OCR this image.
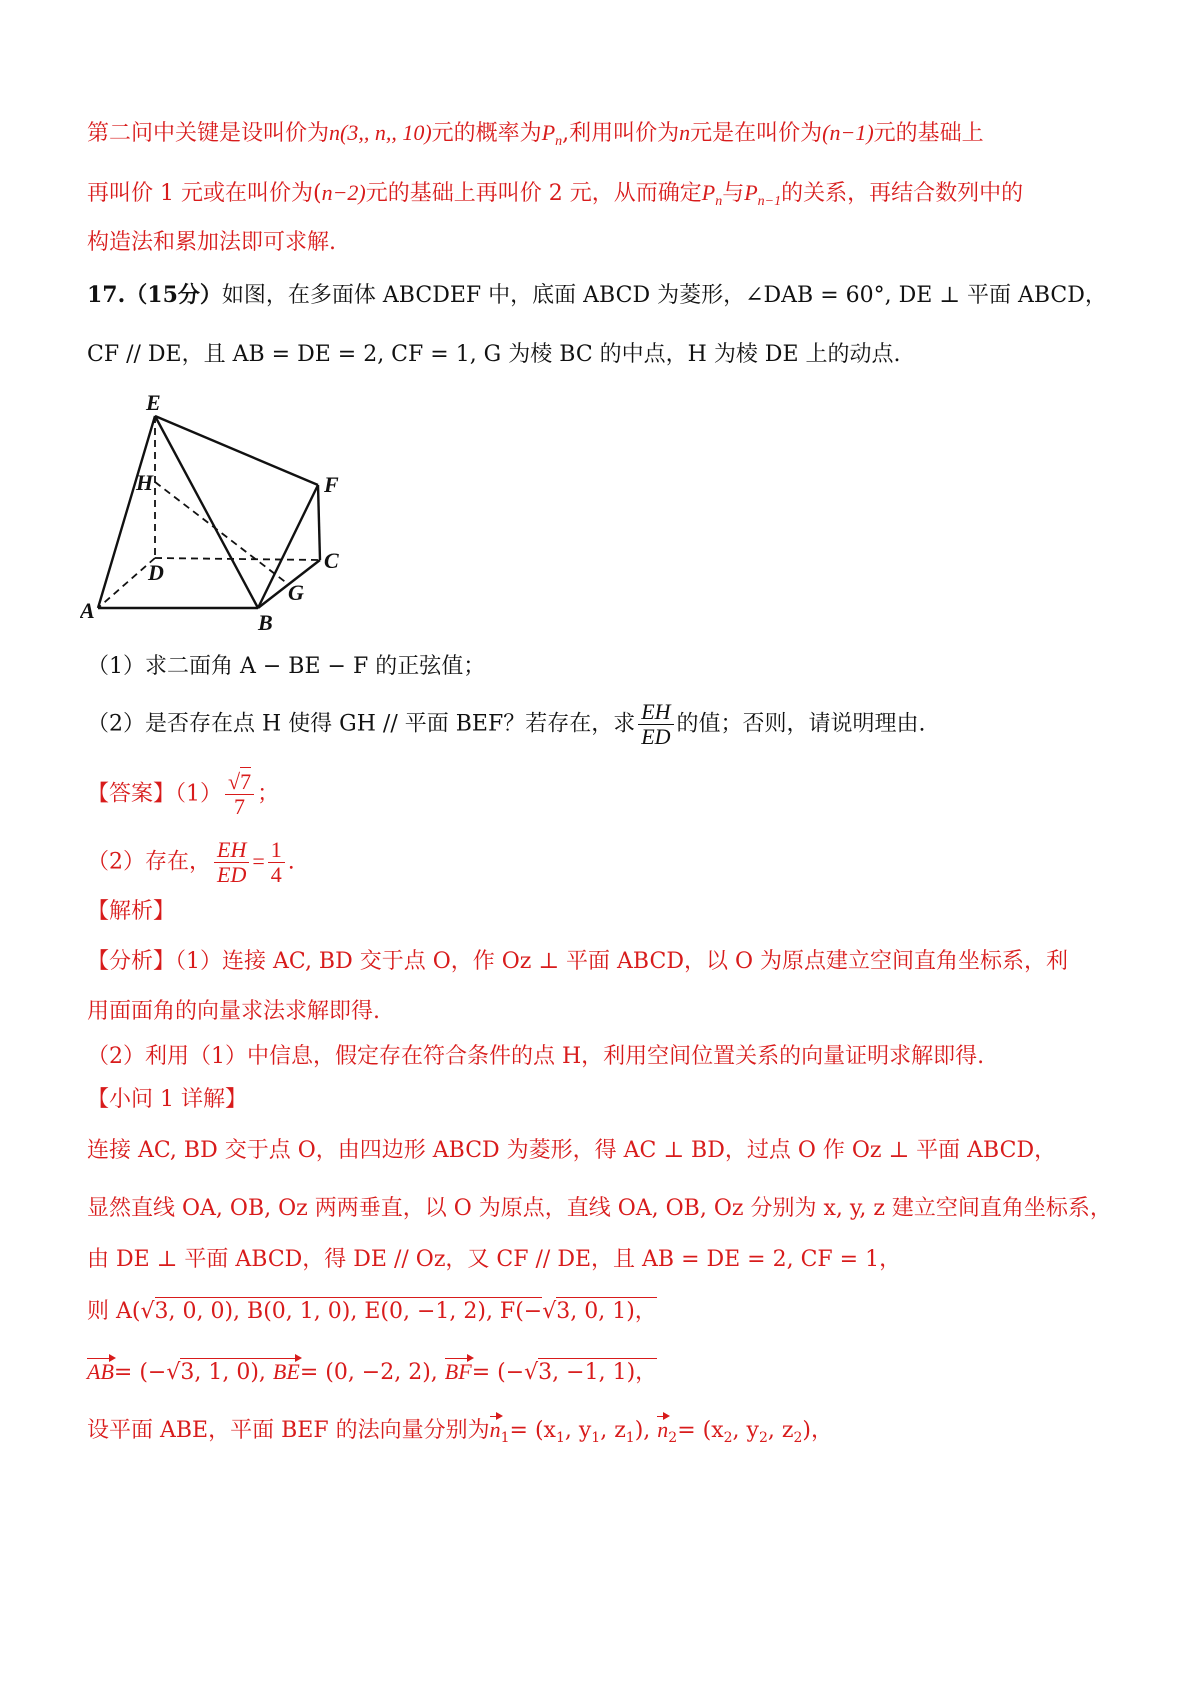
第二问中关键是设叫价为n(3,, n,, 10)元的概率为$P_n$,利用叫价为n元是在叫价为(n−1)元的基础上
再叫价 1 元或在叫价为(n−2)元的基础上再叫价 2 元，从而确定$P_n$与$P_{n-1}$的关系，再结合数列中的
构造法和累加法即可求解.
17.（15分）如图，在多面体 ABCDEF 中，底面 ABCD 为菱形，∠DAB = 60°, DE ⊥ 平面 ABCD，
CF // DE，且 AB = DE = 2, CF = 1, G 为棱 BC 的中点，H 为棱 DE 上的动点.
E
H	F
C
D
G
A	B
（1）求二面角 A − BE − F 的正弦值；
（2）是否存在点 H 使得 GH // 平面 BEF？若存在，求 $\frac{EH}{ED}$ 的值；否则，请说明理由.
【答案】$(1) \frac{√7}{7}$ ；
（2）存在， $\frac{EH}{ED} = \frac{1}{4}$ .
【解析】
【分析】（1）连接 AC, BD 交于点 O，作 Oz ⊥ 平面 ABCD，以 O 为原点建立空间直角坐标系，利
用面面角的向量求法求解即得.
（2）利用（1）中信息，假定存在符合条件的点 H，利用空间位置关系的向量证明求解即得.
【小问 1 详解】
连接 AC, BD 交于点 O，由四边形 ABCD 为菱形，得 AC ⊥ BD，过点 O 作 Oz ⊥ 平面 ABCD，
显然直线 OA, OB, Oz 两两垂直，以 O 为原点，直线 OA, OB, Oz 分别为 x, y, z 建立空间直角坐标系，
由 DE ⊥ 平面 ABCD，得 DE // Oz，又 CF // DE，且 AB = DE = 2, CF = 1，
则 A(√3, 0, 0), B(0, 1, 0), E(0, −1, 2), F(−√3, 0, 1)，
AB= (−√3, 1, 0), BE= (0, −2, 2), BF= (−√3, −1, 1)，
设平面 ABE，平面 BEF 的法向量分别为$n_1= (x_1$, $y_1$, $z_1$), $n_2= (x_2$, $y_2$, $z_2$)，
